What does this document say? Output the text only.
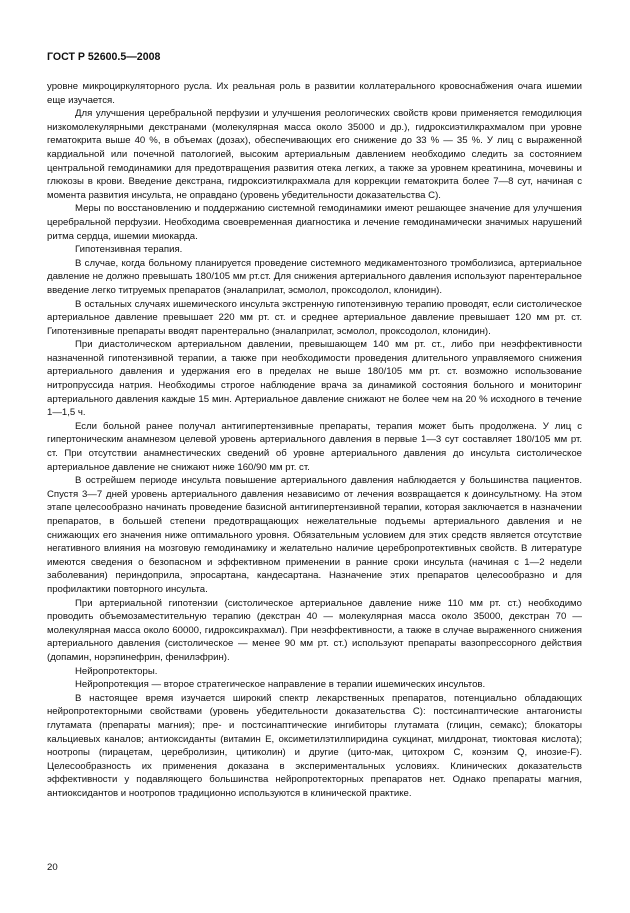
ГОСТ Р 52600.5—2008

уровне микроциркуляторного русла. Их реальная роль в развитии коллатерального кровоснабжения очага ишемии еще изучается.

Для улучшения церебральной перфузии и улучшения реологических свойств крови применяется гемодилюция низкомолекулярными декстранами (молекулярная масса около 35000 и др.), гидроксиэтилкрахмалом при уровне гематокрита выше 40 %, в объемах (дозах), обеспечивающих его снижение до 33 % — 35 %. У лиц с выраженной кардиальной или почечной патологией, высоким артериальным давлением необходимо следить за состоянием центральной гемодинамики для предотвращения развития отека легких, а также за уровнем креатинина, мочевины и глюкозы в крови. Введение декстрана, гидроксиэтилкрахмала для коррекции гематокрита более 7—8 сут, начиная с момента развития инсульта, не оправдано (уровень убедительности доказательства С).

Меры по восстановлению и поддержанию системной гемодинамики имеют решающее значение для улучшения церебральной перфузии. Необходима своевременная диагностика и лечение гемодинамически значимых нарушений ритма сердца, ишемии миокарда.

Гипотензивная терапия.

В случае, когда больному планируется проведение системного медикаментозного тромболизиса, артериальное давление не должно превышать 180/105 мм рт.ст. Для снижения артериального давления используют парентеральное введение легко титруемых препаратов (эналаприлат, эсмолол, проксодолол, клонидин).

В остальных случаях ишемического инсульта экстренную гипотензивную терапию проводят, если систолическое артериальное давление превышает 220 мм рт. ст. и среднее артериальное давление превышает 120 мм рт. ст. Гипотензивные препараты вводят парентерально (эналаприлат, эсмолол, проксодолол, клонидин).

При диастолическом артериальном давлении, превышающем 140 мм рт. ст., либо при неэффективности назначенной гипотензивной терапии, а также при необходимости проведения длительного управляемого снижения артериального давления и удержания его в пределах не выше 180/105 мм рт. ст. возможно использование нитропруссида натрия. Необходимы строгое наблюдение врача за динамикой состояния больного и мониторинг артериального давления каждые 15 мин. Артериальное давление снижают не более чем на 20 % исходного в течение 1—1,5 ч.

Если больной ранее получал антигипертензивные препараты, терапия может быть продолжена. У лиц с гипертоническим анамнезом целевой уровень артериального давления в первые 1—3 сут составляет 180/105 мм рт. ст. При отсутствии анамнестических сведений об уровне артериального давления до инсульта систолическое артериальное давление не снижают ниже 160/90 мм рт. ст.

В острейшем периоде инсульта повышение артериального давления наблюдается у большинства пациентов. Спустя 3—7 дней уровень артериального давления независимо от лечения возвращается к доинсультному. На этом этапе целесообразно начинать проведение базисной антигипертензивной терапии, которая заключается в назначении препаратов, в большей степени предотвращающих нежелательные подъемы артериального давления и не снижающих его значения ниже оптимального уровня. Обязательным условием для этих средств является отсутствие негативного влияния на мозговую гемодинамику и желательно наличие церебропротективных свойств. В литературе имеются сведения о безопасном и эффективном применении в ранние сроки инсульта (начиная с 1—2 недели заболевания) периндоприла, эпросартана, кандесартана. Назначение этих препаратов целесообразно и для профилактики повторного инсульта.

При артериальной гипотензии (систолическое артериальное давление ниже 110 мм рт. ст.) необходимо проводить объемозаместительную терапию (декстран 40 — молекулярная масса около 35000, декстран 70 — молекулярная масса около 60000, гидроксикрахмал). При неэффективности, а также в случае выраженного снижения артериального давления (систолическое — менее 90 мм рт. ст.) используют препараты вазопрессорного действия (допамин, норэпинефрин, фенилэфрин).

Нейропротекторы.

Нейропротекция — второе стратегическое направление в терапии ишемических инсультов.

В настоящее время изучается широкий спектр лекарственных препаратов, потенциально обладающих нейропротекторными свойствами (уровень убедительности доказательства С): постсинаптические антагонисты глутамата (препараты магния); пре- и постсинаптические ингибиторы глутамата (глицин, семакс); блокаторы кальциевых каналов; антиоксиданты (витамин Е, оксиметилэтилпиридина сукцинат, милдронат, тиоктовая кислота); ноотропы (пирацетам, церебролизин, цитиколин) и другие (цито-мак, цитохром С, коэнзим Q, инозие-F). Целесообразность их применения доказана в экспериментальных условиях. Клинических доказательств эффективности у подавляющего большинства нейропротекторных препаратов нет. Однако препараты магния, антиоксидантов и ноотропов традиционно используются в клинической практике.

20
